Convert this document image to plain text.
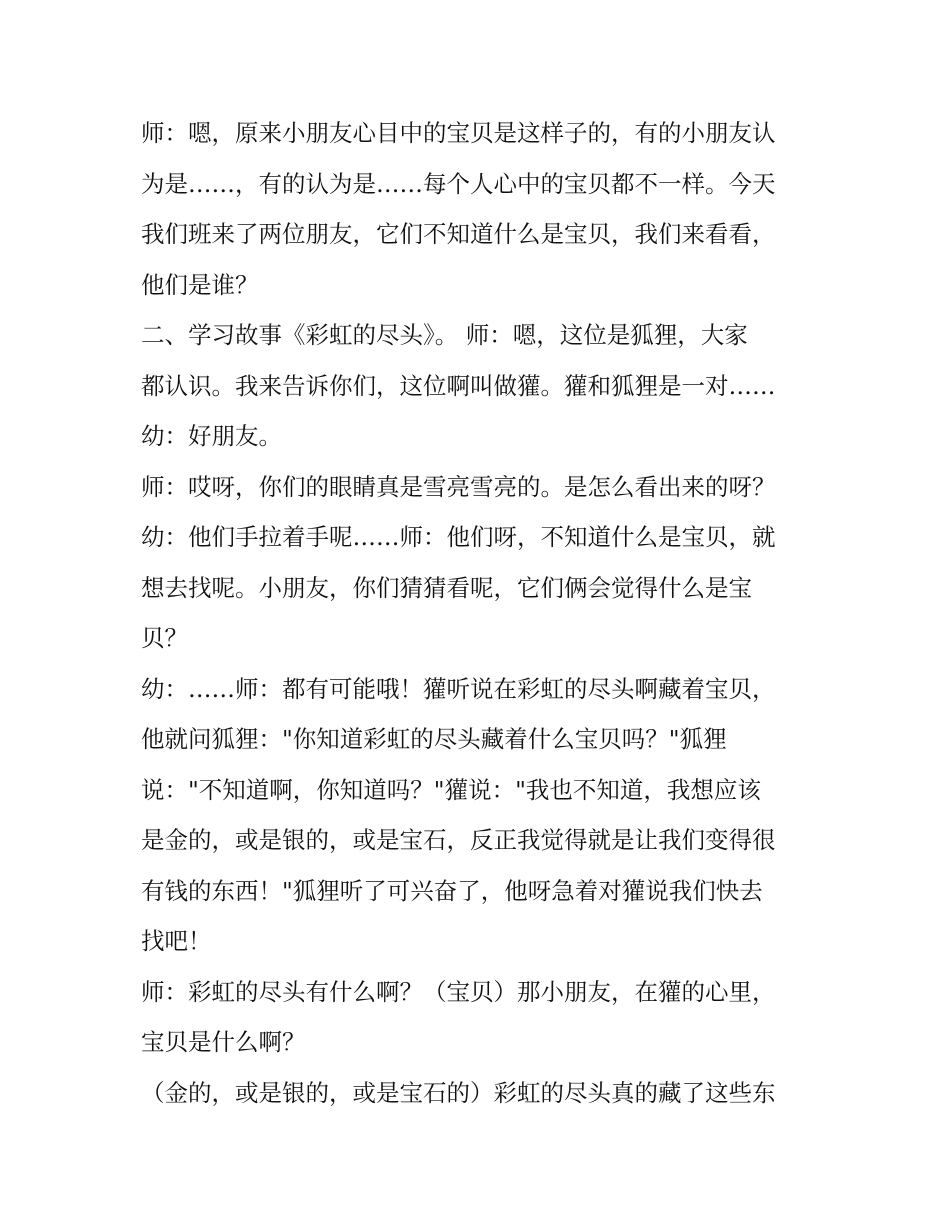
师：嗯，原来小朋友心目中的宝贝是这样子的，有的小朋友认
为是……，有的认为是……每个人心中的宝贝都不一样。今天
我们班来了两位朋友，它们不知道什么是宝贝，我们来看看，
他们是谁？
二、学习故事《彩虹的尽头》。 师：嗯，这位是狐狸，大家
都认识。我来告诉你们，这位啊叫做獾。獾和狐狸是一对……
幼：好朋友。
师：哎呀，你们的眼睛真是雪亮雪亮的。是怎么看出来的呀？
幼：他们手拉着手呢……师：他们呀，不知道什么是宝贝，就
想去找呢。小朋友，你们猜猜看呢，它们俩会觉得什么是宝
贝？
幼：……师：都有可能哦！獾听说在彩虹的尽头啊藏着宝贝，
他就问狐狸："你知道彩虹的尽头藏着什么宝贝吗？"狐狸
说："不知道啊，你知道吗？"獾说："我也不知道，我想应该
是金的，或是银的，或是宝石，反正我觉得就是让我们变得很
有钱的东西！"狐狸听了可兴奋了，他呀急着对獾说我们快去
找吧！
师：彩虹的尽头有什么啊？（宝贝）那小朋友，在獾的心里，
宝贝是什么啊？
（金的，或是银的，或是宝石的）彩虹的尽头真的藏了这些东
